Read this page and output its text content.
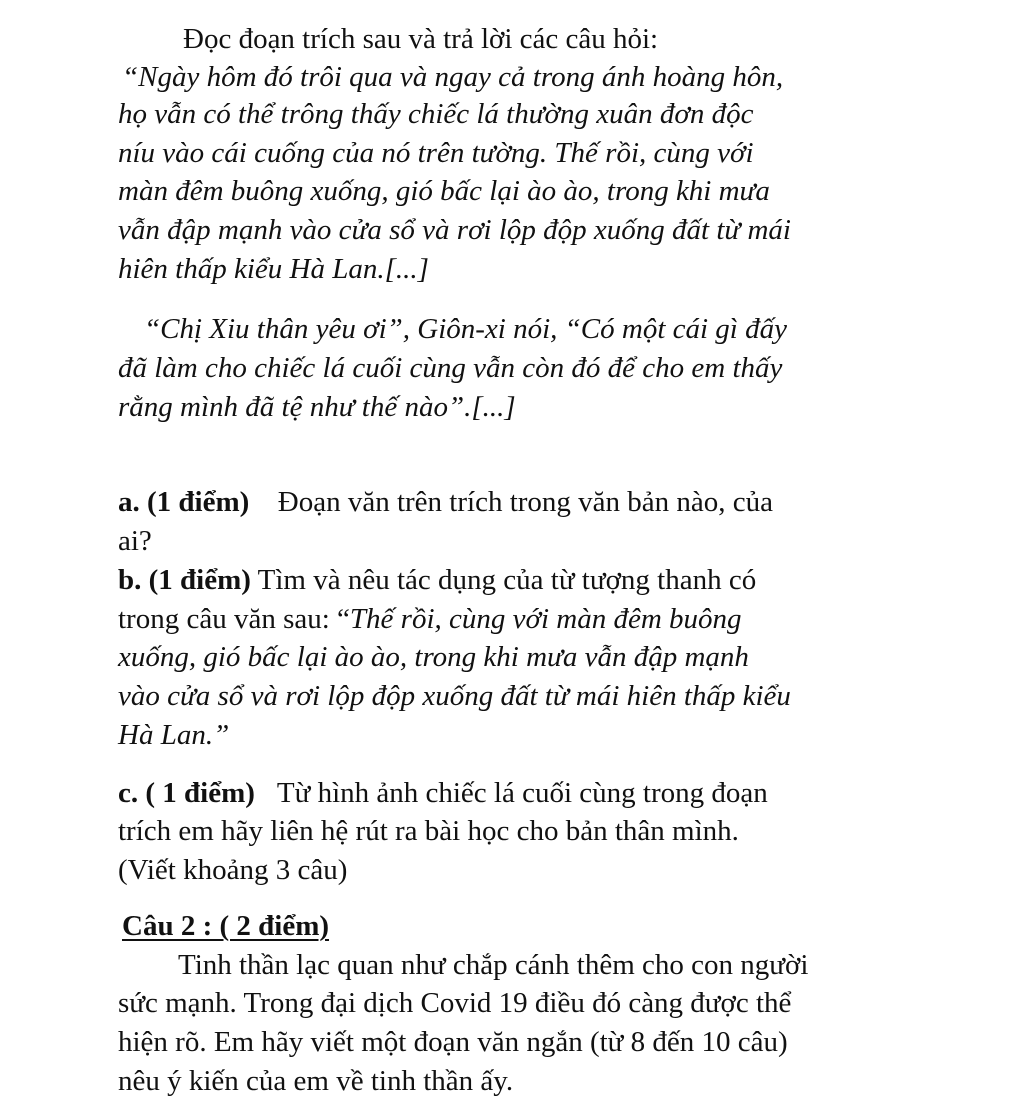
Đọc đoạn trích sau và trả lời các câu hỏi:
“Ngày hôm đó trôi qua và ngay cả trong ánh hoàng hôn,
họ vẫn có thể trông thấy chiếc lá thường xuân đơn độc
níu vào cái cuống của nó trên tường. Thế rồi, cùng với
màn đêm buông xuống, gió bấc lại ào ào, trong khi mưa
vẫn đập mạnh vào cửa sổ và rơi lộp độp xuống đất từ mái
hiên thấp kiểu Hà Lan.[...]
“Chị Xiu thân yêu ơi”, Giôn-xi nói, “Có một cái gì đấy
đã làm cho chiếc lá cuối cùng vẫn còn đó để cho em thấy
rằng mình đã tệ như thế nào”.[...]
a. (1 điểm) Đoạn văn trên trích trong văn bản nào, của
ai?
b. (1 điểm) Tìm và nêu tác dụng của từ tượng thanh có
trong câu văn sau: “Thế rồi, cùng với màn đêm buông
xuống, gió bấc lại ào ào, trong khi mưa vẫn đập mạnh
vào cửa sổ và rơi lộp độp xuống đất từ mái hiên thấp kiểu
Hà Lan.”
c. ( 1 điểm) Từ hình ảnh chiếc lá cuối cùng trong đoạn
trích em hãy liên hệ rút ra bài học cho bản thân mình.
(Viết khoảng 3 câu)
Câu 2 : ( 2 điểm)
Tinh thần lạc quan như chắp cánh thêm cho con người
sức mạnh. Trong đại dịch Covid 19 điều đó càng được thể
hiện rõ. Em hãy viết một đoạn văn ngắn (từ 8 đến 10 câu)
nêu ý kiến của em về tinh thần ấy.
